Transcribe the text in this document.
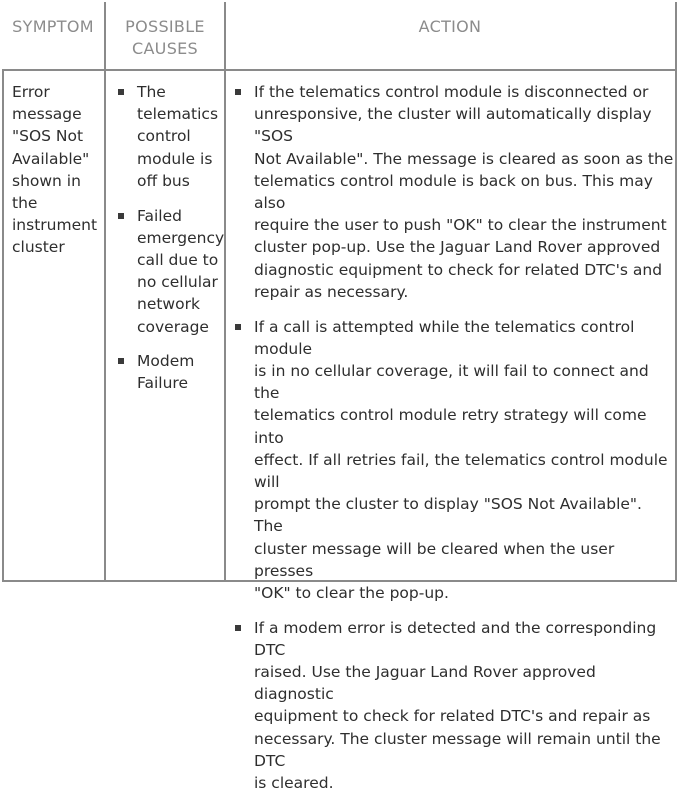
SYMPTOM	POSSIBLE
CAUSES
ACTION
Error
message
"SOS Not
Available"
shown in
the
instrument
cluster
The
telematics
control
module is
off bus
Failed
emergency
call due to
no cellular
network
coverage
Modem
Failure
If the telematics control module is disconnected or
unresponsive, the cluster will automatically display "SOS
Not Available". The message is cleared as soon as the
telematics control module is back on bus. This may also
require the user to push "OK" to clear the instrument
cluster pop-up. Use the Jaguar Land Rover approved
diagnostic equipment to check for related DTC's and
repair as necessary.
If a call is attempted while the telematics control module
is in no cellular coverage, it will fail to connect and the
telematics control module retry strategy will come into
effect. If all retries fail, the telematics control module will
prompt the cluster to display "SOS Not Available". The
cluster message will be cleared when the user presses
"OK" to clear the pop-up.
If a modem error is detected and the corresponding DTC
raised. Use the Jaguar Land Rover approved diagnostic
equipment to check for related DTC's and repair as
necessary. The cluster message will remain until the DTC
is cleared.
